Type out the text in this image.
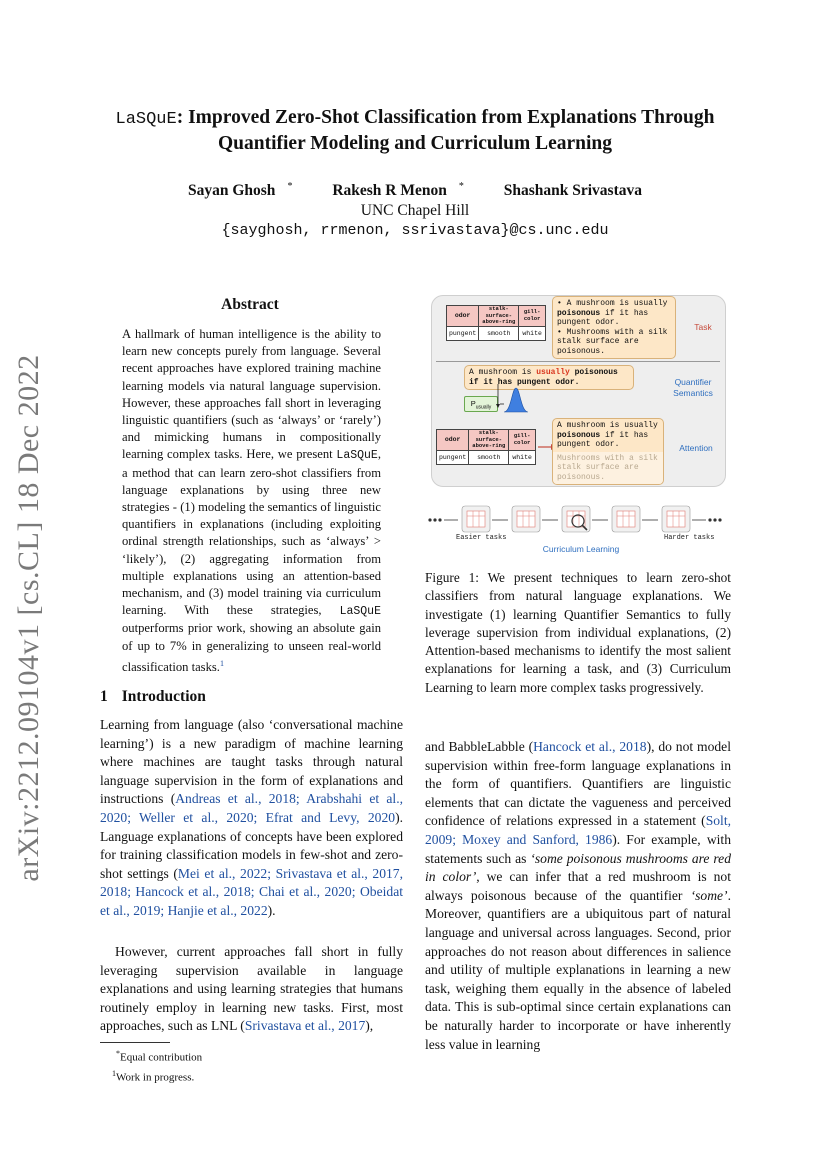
arXiv:2212.09104v1 [cs.CL] 18 Dec 2022
LaSQuE: Improved Zero-Shot Classification from Explanations Through
Quantifier Modeling and Curriculum Learning
Sayan Ghosh *	Rakesh R Menon *	Shashank Srivastava
UNC Chapel Hill
{sayghosh, rrmenon, ssrivastava}@cs.unc.edu
Abstract
A hallmark of human intelligence is the ability to learn new concepts purely from language. Several recent approaches have explored training machine learning models via natural language supervision. However, these approaches fall short in leveraging linguistic quantifiers (such as ‘always’ or ‘rarely’) and mimicking humans in compositionally learning complex tasks. Here, we present LaSQuE, a method that can learn zero-shot classifiers from language explanations by using three new strategies - (1) modeling the semantics of linguistic quantifiers in explanations (including exploiting ordinal strength relationships, such as ‘always’ > ‘likely’), (2) aggregating information from multiple explanations using an attention-based mechanism, and (3) model training via curriculum learning. With these strategies, LaSQuE outperforms prior work, showing an absolute gain of up to 7% in generalizing to unseen real-world classification tasks.$^1$
1 Introduction
Learning from language (also ‘conversational machine learning’) is a new paradigm of machine learning where machines are taught tasks through natural language supervision in the form of explanations and instructions (Andreas et al., 2018; Arabshahi et al., 2020; Weller et al., 2020; Efrat and Levy, 2020). Language explanations of concepts have been explored for training classification models in few-shot and zero-shot settings (Mei et al., 2022; Srivastava et al., 2017, 2018; Hancock et al., 2018; Chai et al., 2020; Obeidat et al., 2019; Hanjie et al., 2022).
However, current approaches fall short in fully leveraging supervision available in language explanations and using learning strategies that humans routinely employ in learning new tasks. First, most approaches, such as LNL (Srivastava et al., 2017),
*Equal contribution
$^1$Work in progress.
odor	stalk-surface-above-ring	gill-color
pungent	smooth	white
• A mushroom is usually poisonous if it has pungent odor.
• Mushrooms with a silk stalk surface are poisonous.
Task
A mushroom is usually poisonous if it has pungent odor.	Quantifier
Semantics
$P_{usually}$
odor	stalk-surface-above-ring	gill-color
pungent	smooth	white
A mushroom is usually poisonous if it has pungent odor.
Mushrooms with a silk stalk surface are poisonous.
Attention
Easier tasks	Harder tasks
Curriculum Learning
Figure 1: We present techniques to learn zero-shot classifiers from natural language explanations. We investigate (1) learning Quantifier Semantics to fully leverage supervision from individual explanations, (2) Attention-based mechanisms to identify the most salient explanations for learning a task, and (3) Curriculum Learning to learn more complex tasks progressively.
and BabbleLabble (Hancock et al., 2018), do not model supervision within free-form language explanations in the form of quantifiers. Quantifiers are linguistic elements that can dictate the vagueness and perceived confidence of relations expressed in a statement (Solt, 2009; Moxey and Sanford, 1986). For example, with statements such as ‘some poisonous mushrooms are red in color’, we can infer that a red mushroom is not always poisonous because of the quantifier ‘some’. Moreover, quantifiers are a ubiquitous part of natural language and universal across languages. Second, prior approaches do not reason about differences in salience and utility of multiple explanations in learning a new task, weighing them equally in the absence of labeled data. This is sub-optimal since certain explanations can be naturally harder to incorporate or have inherently less value in learning
